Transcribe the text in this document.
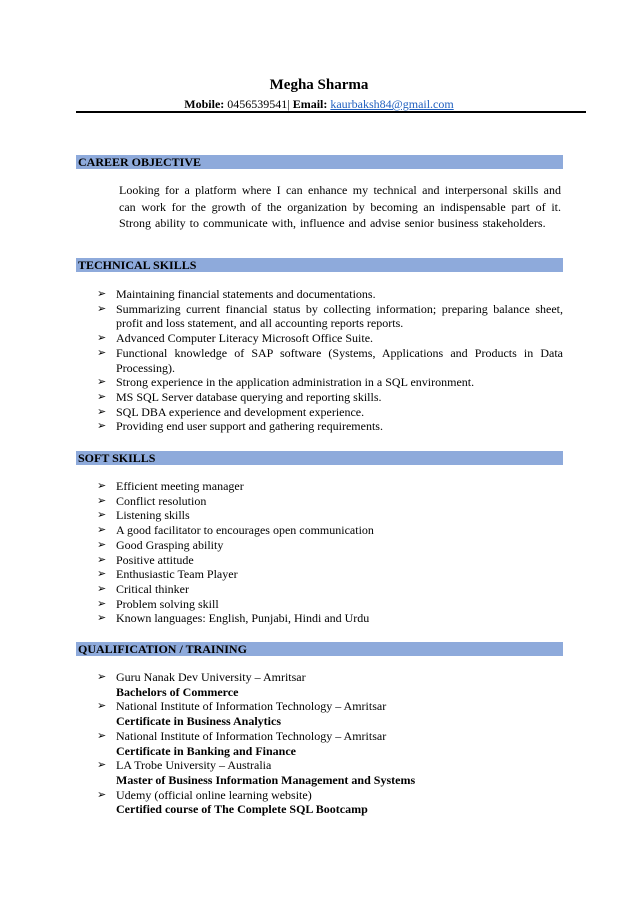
Megha Sharma
Mobile: 0456539541| Email: kaurbaksh84@gmail.com
CAREER OBJECTIVE
Looking for a platform where I can enhance my technical and interpersonal skills and can work for the growth of the organization by becoming an indispensable part of it. Strong ability to communicate with, influence and advise senior business stakeholders.
TECHNICAL SKILLS
➢ Maintaining financial statements and documentations.
➢ Summarizing current financial status by collecting information; preparing balance sheet, profit and loss statement, and all accounting reports reports.
➢ Advanced Computer Literacy Microsoft Office Suite.
➢ Functional knowledge of SAP software (Systems, Applications and Products in Data Processing).
➢ Strong experience in the application administration in a SQL environment.
➢ MS SQL Server database querying and reporting skills.
➢ SQL DBA experience and development experience.
➢ Providing end user support and gathering requirements.
SOFT SKILLS
➢ Efficient meeting manager
➢ Conflict resolution
➢ Listening skills
➢ A good facilitator to encourages open communication
➢ Good Grasping ability
➢ Positive attitude
➢ Enthusiastic Team Player
➢ Critical thinker
➢ Problem solving skill
➢ Known languages: English, Punjabi, Hindi and Urdu
QUALIFICATION / TRAINING
➢ Guru Nanak Dev University – Amritsar
Bachelors of Commerce
➢ National Institute of Information Technology – Amritsar
Certificate in Business Analytics
➢ National Institute of Information Technology – Amritsar
Certificate in Banking and Finance
➢ LA Trobe University – Australia
Master of Business Information Management and Systems
➢ Udemy (official online learning website)
Certified course of The Complete SQL Bootcamp
